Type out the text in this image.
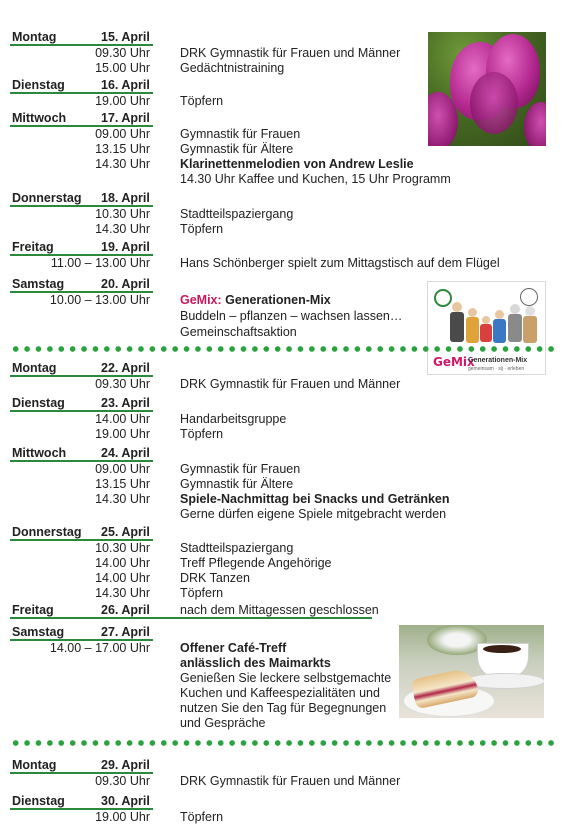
Montag	15. April
09.30 Uhr DRK Gymnastik für Frauen und Männer
15.00 Uhr Gedächtnistraining
Dienstag	16. April
19.00 Uhr Töpfern
Mittwoch	17. April
09.00 Uhr Gymnastik für Frauen
13.15 Uhr Gymnastik für Ältere
14.30 Uhr Klarinettenmelodien von Andrew Leslie
14.30 Uhr Kaffee und Kuchen, 15 Uhr Programm
Donnerstag 18. April
10.30 Uhr Stadtteilspaziergang
14.30 Uhr Töpfern
Freitag	19. April
11.00 – 13.00 Uhr Hans Schönberger spielt zum Mittagstisch auf dem Flügel
Samstag	20. April
10.00 – 13.00 Uhr GeMix: Generationen-Mix
Buddeln – pflanzen – wachsen lassen…
Gemeinschaftsaktion
GeMix
Generationen-Mix
gemeinsam · sĳ · erleben
Montag	22. April
09.30 Uhr DRK Gymnastik für Frauen und Männer
Dienstag	23. April
14.00 Uhr Handarbeitsgruppe
19.00 Uhr Töpfern
Mittwoch	24. April
09.00 Uhr Gymnastik für Frauen
13.15 Uhr Gymnastik für Ältere
14.30 Uhr Spiele-Nachmittag bei Snacks und Getränken
Gerne dürfen eigene Spiele mitgebracht werden
Donnerstag 25. April
10.30 Uhr Stadtteilspaziergang
14.00 Uhr Treff Pflegende Angehörige
14.00 Uhr DRK Tanzen
14.30 Uhr Töpfern
Freitag	26. April nach dem Mittagessen geschlossen
Samstag	27. April
14.00 – 17.00 Uhr Offener Café-Treff
anlässlich des Maimarkts
Genießen Sie leckere selbstgemachte
Kuchen und Kaffeespezialitäten und
nutzen Sie den Tag für Begegnungen
und Gespräche
Montag	29. April
09.30 Uhr DRK Gymnastik für Frauen und Männer
Dienstag	30. April
19.00 Uhr Töpfern
